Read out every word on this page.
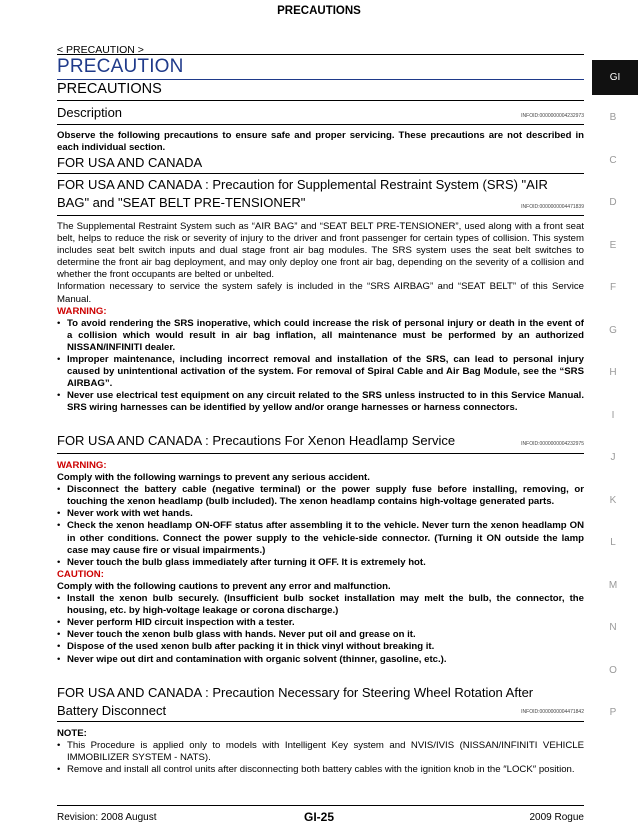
PRECAUTIONS
< PRECAUTION >
PRECAUTION
PRECAUTIONS
GI
B
C
D
E
F
G
H
I
J
K
L
M
N
O
P
Description	INFOID:0000000004232973
Observe the following precautions to ensure safe and proper servicing. These precautions are not described in each individual section.
FOR USA AND CANADA
FOR USA AND CANADA : Precaution for Supplemental Restraint System (SRS) "AIR
BAG" and "SEAT BELT PRE-TENSIONER"	INFOID:0000000004471839
The Supplemental Restraint System such as “AIR BAG” and “SEAT BELT PRE-TENSIONER”, used along with a front seat belt, helps to reduce the risk or severity of injury to the driver and front passenger for certain types of collision. This system includes seat belt switch inputs and dual stage front air bag modules. The SRS system uses the seat belt switches to determine the front air bag deployment, and may only deploy one front air bag, depending on the severity of a collision and whether the front occupants are belted or unbelted.
Information necessary to service the system safely is included in the “SRS AIRBAG” and “SEAT BELT” of this Service Manual.
WARNING:
• To avoid rendering the SRS inoperative, which could increase the risk of personal injury or death in the event of a collision which would result in air bag inflation, all maintenance must be performed by an authorized NISSAN/INFINITI dealer.
• Improper maintenance, including incorrect removal and installation of the SRS, can lead to personal injury caused by unintentional activation of the system. For removal of Spiral Cable and Air Bag Module, see the “SRS AIRBAG”.
• Never use electrical test equipment on any circuit related to the SRS unless instructed to in this Service Manual. SRS wiring harnesses can be identified by yellow and/or orange harnesses or harness connectors.
FOR USA AND CANADA : Precautions For Xenon Headlamp Service	INFOID:0000000004232975
WARNING:
Comply with the following warnings to prevent any serious accident.
• Disconnect the battery cable (negative terminal) or the power supply fuse before installing, removing, or touching the xenon headlamp (bulb included). The xenon headlamp contains high-voltage generated parts.
• Never work with wet hands.
• Check the xenon headlamp ON-OFF status after assembling it to the vehicle. Never turn the xenon headlamp ON in other conditions. Connect the power supply to the vehicle-side connector. (Turning it ON outside the lamp case may cause fire or visual impairments.)
• Never touch the bulb glass immediately after turning it OFF. It is extremely hot.
CAUTION:
Comply with the following cautions to prevent any error and malfunction.
• Install the xenon bulb securely. (Insufficient bulb socket installation may melt the bulb, the connector, the housing, etc. by high-voltage leakage or corona discharge.)
• Never perform HID circuit inspection with a tester.
• Never touch the xenon bulb glass with hands. Never put oil and grease on it.
• Dispose of the used xenon bulb after packing it in thick vinyl without breaking it.
• Never wipe out dirt and contamination with organic solvent (thinner, gasoline, etc.).
FOR USA AND CANADA : Precaution Necessary for Steering Wheel Rotation After
Battery Disconnect	INFOID:0000000004471842
NOTE:
• This Procedure is applied only to models with Intelligent Key system and NVIS/IVIS (NISSAN/INFINITI VEHICLE IMMOBILIZER SYSTEM - NATS).
• Remove and install all control units after disconnecting both battery cables with the ignition knob in the ″LOCK″ position.
Revision: 2008 August	GI-25	2009 Rogue
